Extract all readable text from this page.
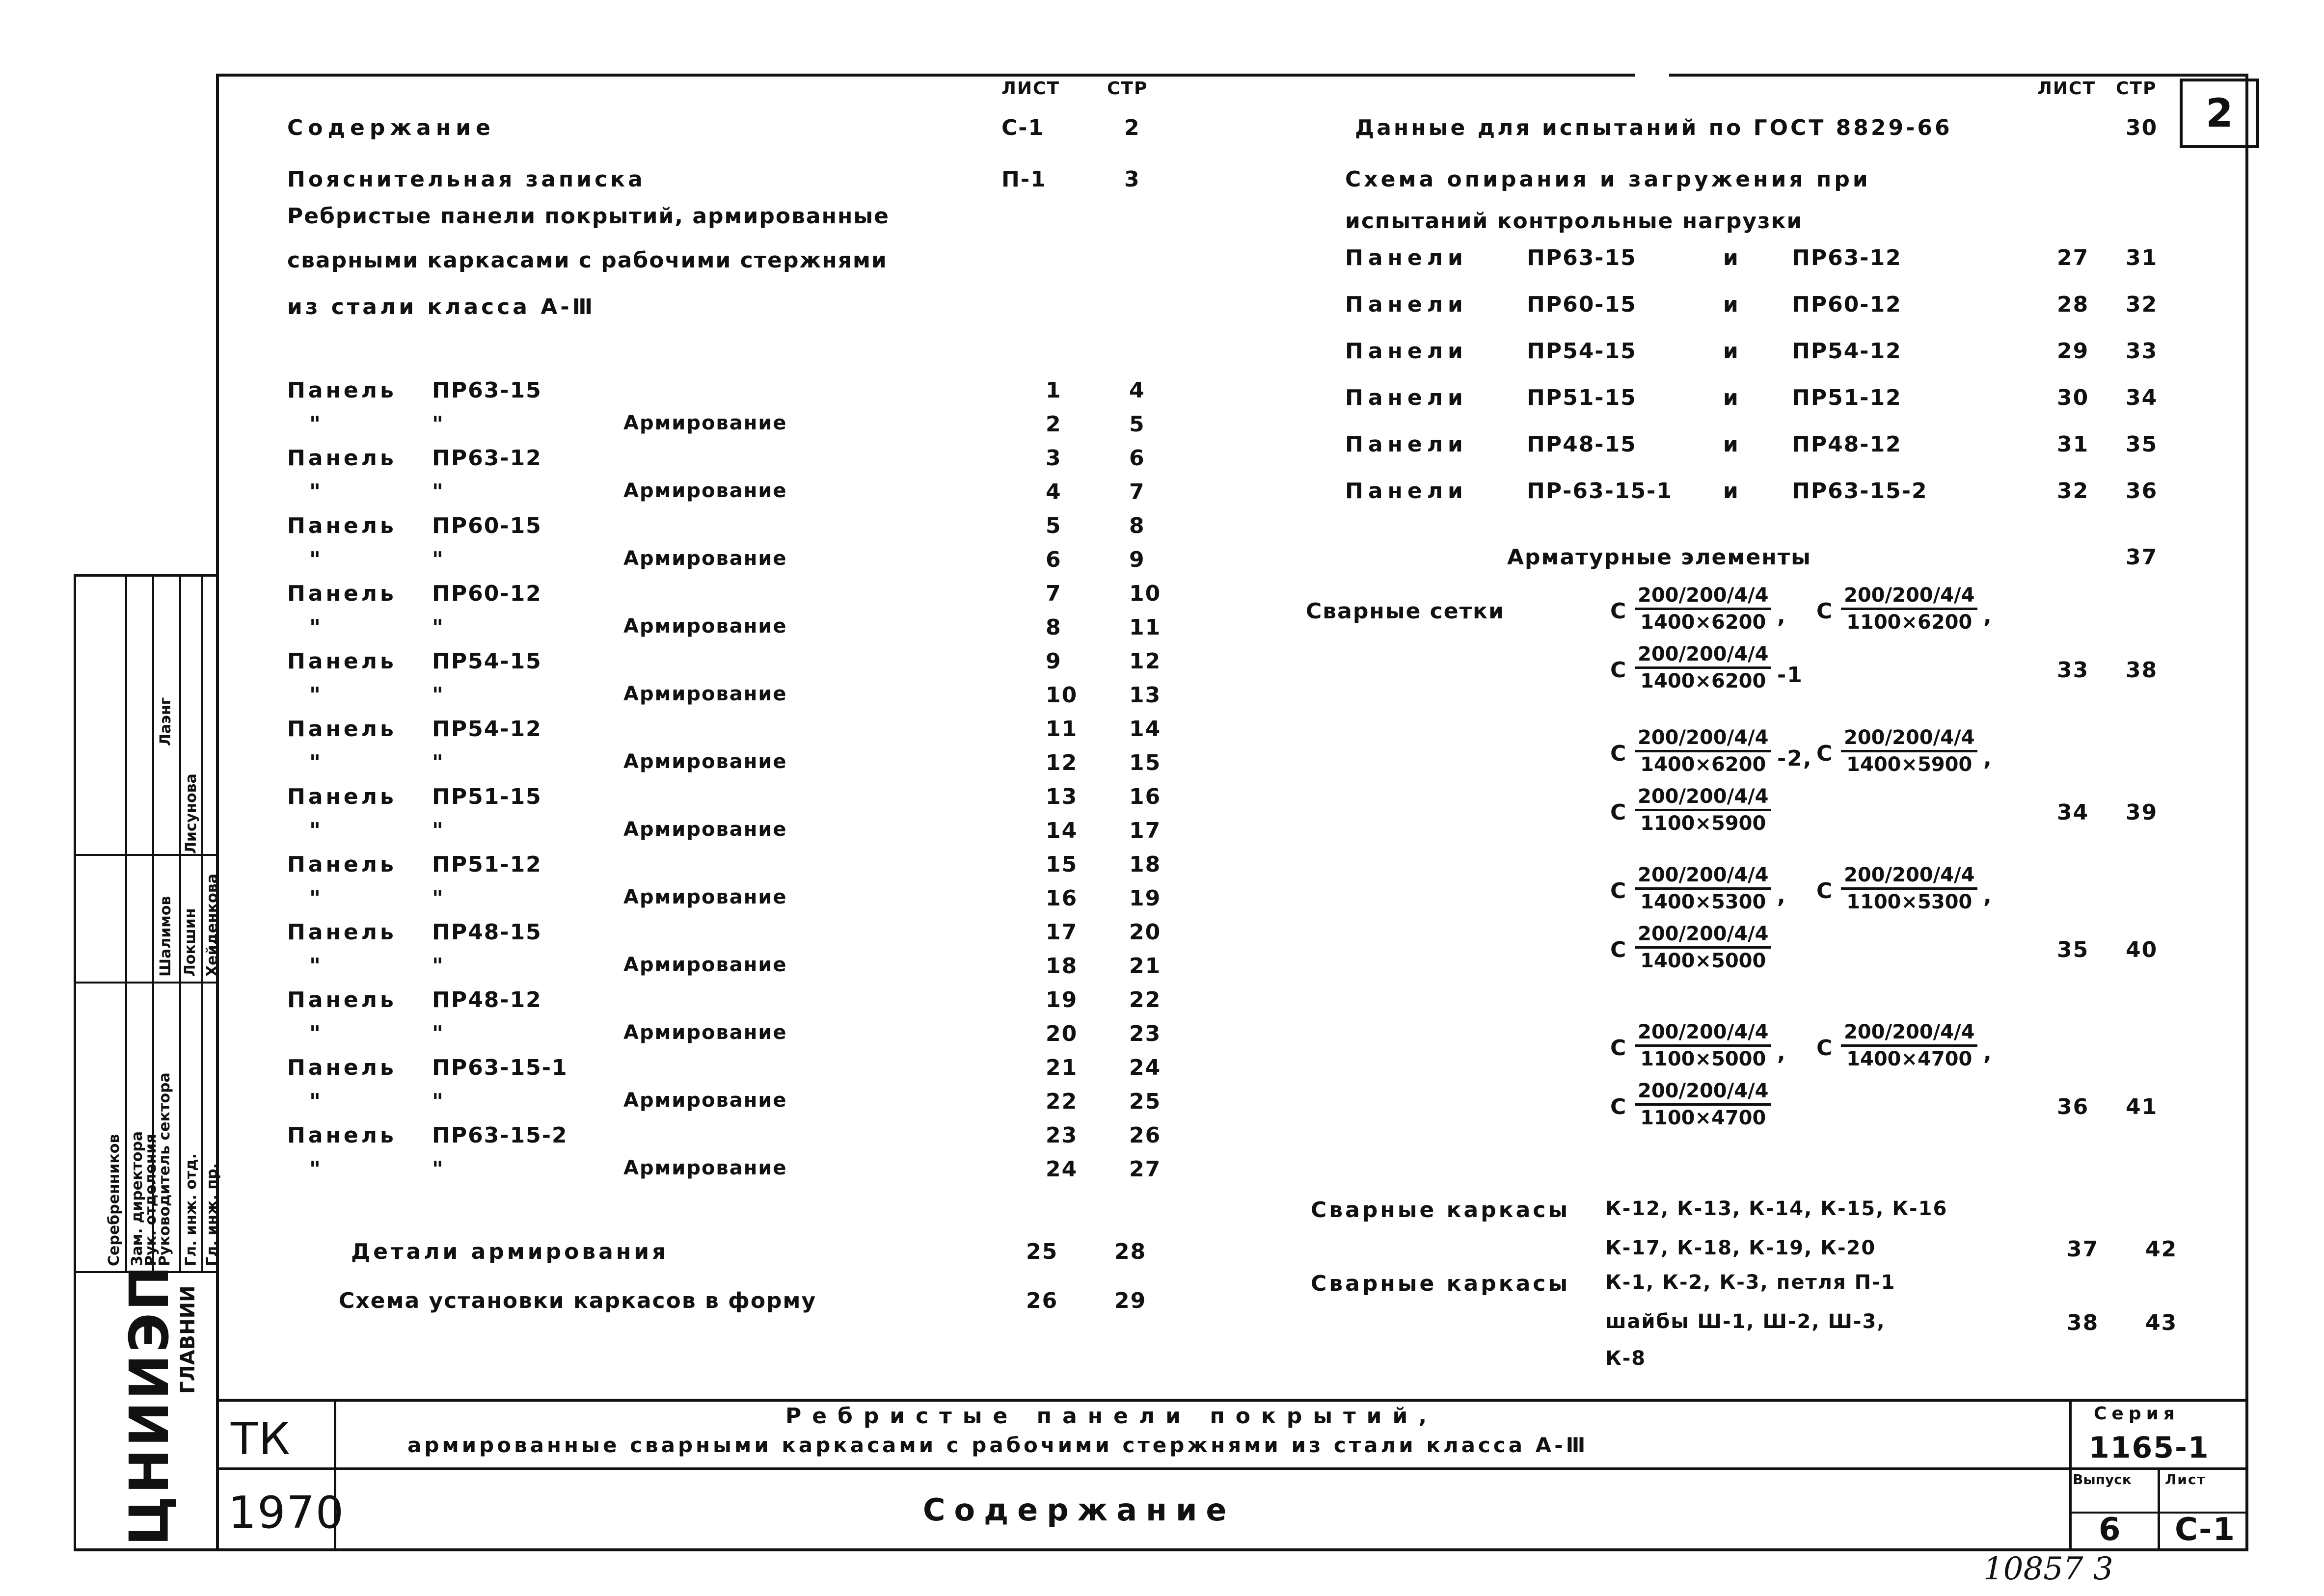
2
Зам. директора
Рук. отделения
Руководитель сектора Гл. инж. отд. Гл. инж. пр.
Шалимов
Лаэнг
Лисунова
Локшин Хейденкова
Серебренников
ГЛАВНИИ
ЦНИИЭП
ЛИСТ	СТР	ЛИСТ СТР
Содержание	С-1	2
Пояснительная записка	П-1	3
Ребристые панели покрытий, армированные
сварными каркасами с рабочими стержнями
из стали класса А-Ⅲ
Панель ПР63-15	1	4
"	"	Армирование	2	5
Панель ПР63-12	3	6
"	"	Армирование	4	7
Панель ПР60-15	5	8
"	"	Армирование	6	9
Панель ПР60-12	7	10
"	"	Армирование	8	11
Панель ПР54-15	9	12
"	"	Армирование	10 13
Панель ПР54-12	11 14
"	"	Армирование	12 15
Панель ПР51-15	13 16
"	"	Армирование	14 17
Панель ПР51-12	15 18
"	"	Армирование	16 19
Панель ПР48-15	17 20
"	"	Армирование	18 21
Панель ПР48-12	19 22
"	"	Армирование	20 23
Панель ПР63-15-1	21 24
"	"	Армирование	22 25
Панель ПР63-15-2	23 26
"	"	Армирование	24 27
Детали армирования	25	28
Схема установки каркасов в форму	26	29
Данные для испытаний по ГОСТ 8829-66	30
Схема опирания и загружения при
испытаний контрольные нагрузки
Панели	ПР63-15	и ПР63-12	27 31
Панели	ПР60-15	и ПР60-12	28 32
Панели	ПР54-15	и ПР54-12	29 33
Панели	ПР51-15	и ПР51-12	30 34
Панели	ПР48-15	и ПР48-12	31 35
Панели	ПР-63-15-1 и ПР63-15-2	32 36
Арматурные элементы	37
Сварные сетки	С $\frac{200/200/4/4}{1400\times 6200}$ , С $\frac{200/200/4/4}{1100\times 6200}$ ,
С $\frac{200/200/4/4}{1400\times 6200} -1$	33 38
С $\frac{200/200/4/4}{1400\times 6200} -2$, С $\frac{200/200/4/4}{1400\times 5900}$ ,
С $\frac{200/200/4/4}{1100\times 5900}$	34 39
С $\frac{200/200/4/4}{1400\times 5300}$ , С $\frac{200/200/4/4}{1100\times 5300}$ ,
С $\frac{200/200/4/4}{1400\times 5000}$	35 40
С $\frac{200/200/4/4}{1100\times 5000}$ , С $\frac{200/200/4/4}{1400\times 4700}$ ,
С $\frac{200/200/4/4}{1100\times 4700}$	36 41
Сварные каркасы К-12, К-13, К-14, К-15, К-16
К-17, К-18, К-19, К-20	37 42
Сварные каркасы К-1, К-2, К-3, петля П-1
шайбы Ш-1, Ш-2, Ш-3,
К-8
38 43
ТК
1970
Ребристые панели покрытий,
армированные сварными каркасами с рабочими стержнями из стали класса А-Ⅲ
Содержание
Серия
1165-1
Выпуск Лист
6 С-1
10857 3
